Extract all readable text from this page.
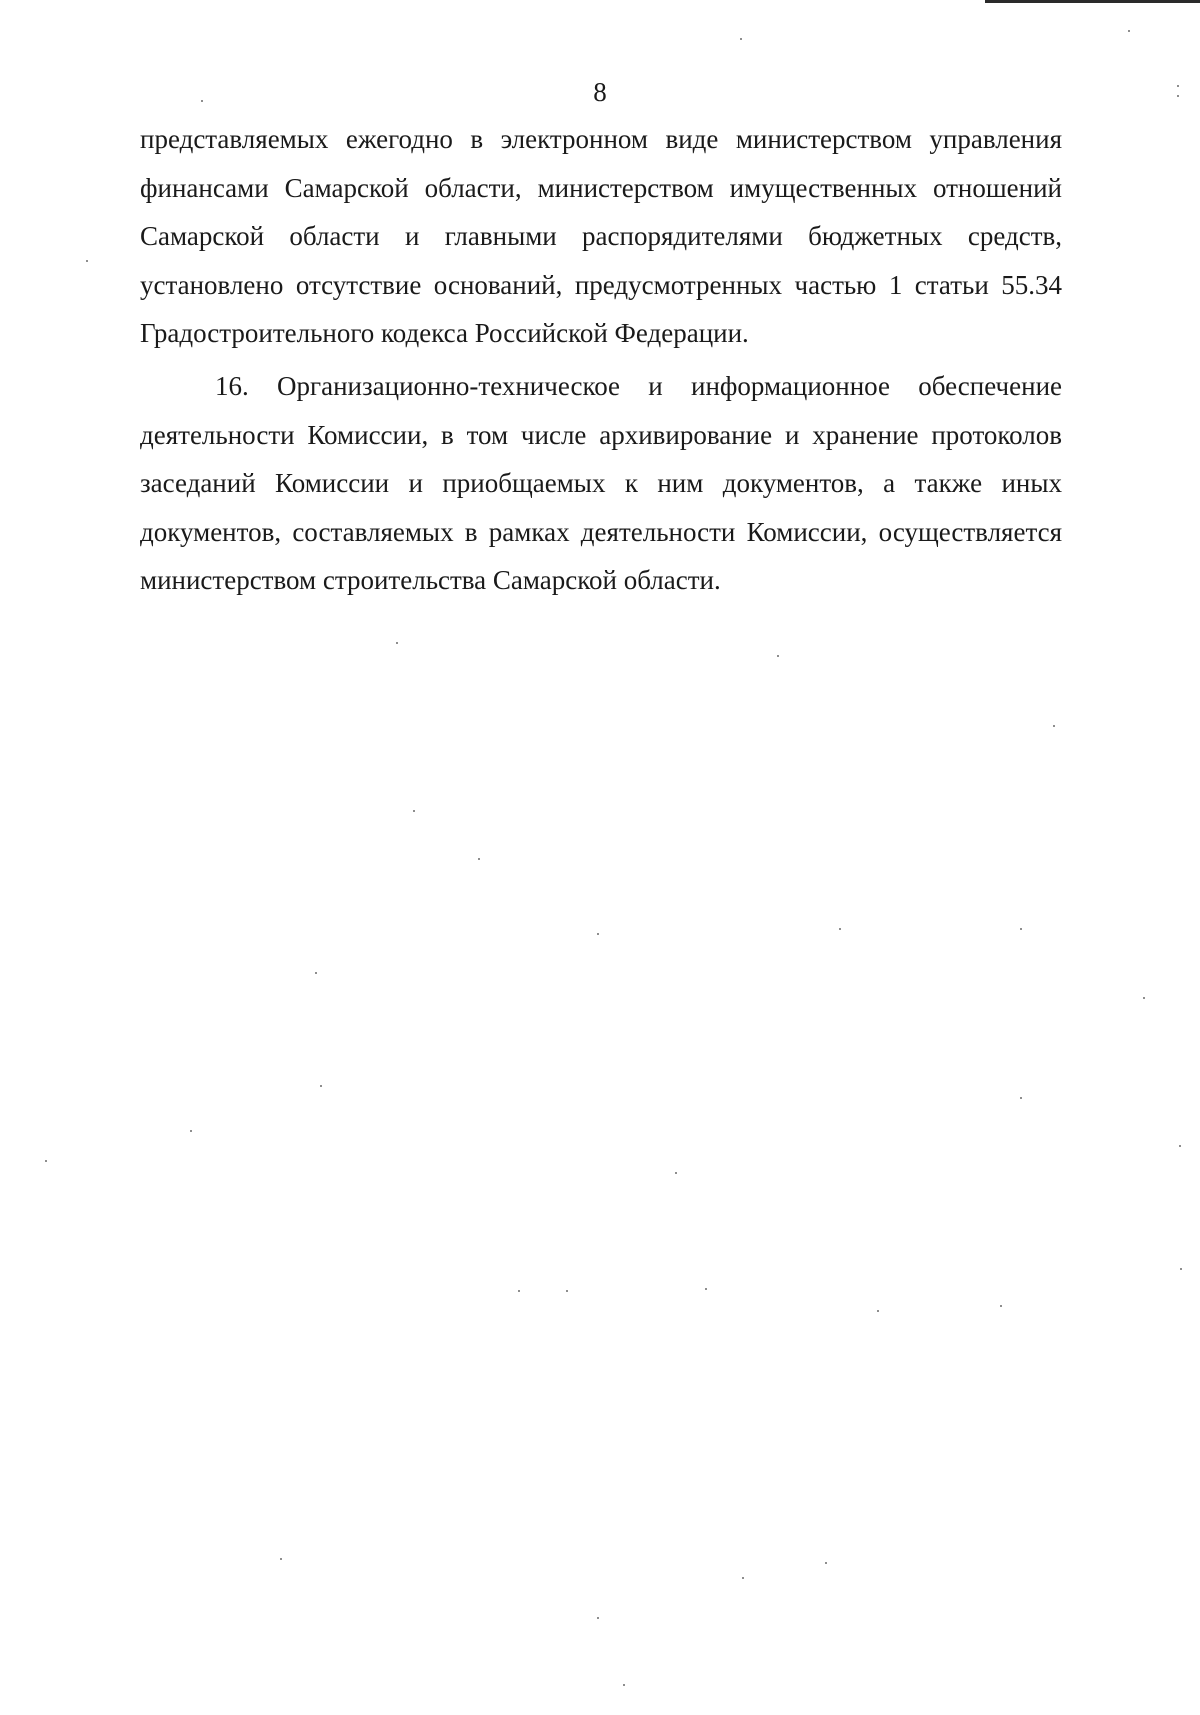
8

представляемых ежегодно в электронном виде министерством управления финансами Самарской области, министерством имущественных отношений Самарской области и главными распорядителями бюджетных средств, установлено отсутствие оснований, предусмотренных частью 1 статьи 55.34 Градостроительного кодекса Российской Федерации.

16. Организационно-техническое и информационное обеспечение деятельности Комиссии, в том числе архивирование и хранение протоколов заседаний Комиссии и приобщаемых к ним документов, а также иных документов, составляемых в рамках деятельности Комиссии, осуществляется министерством строительства Самарской области.
